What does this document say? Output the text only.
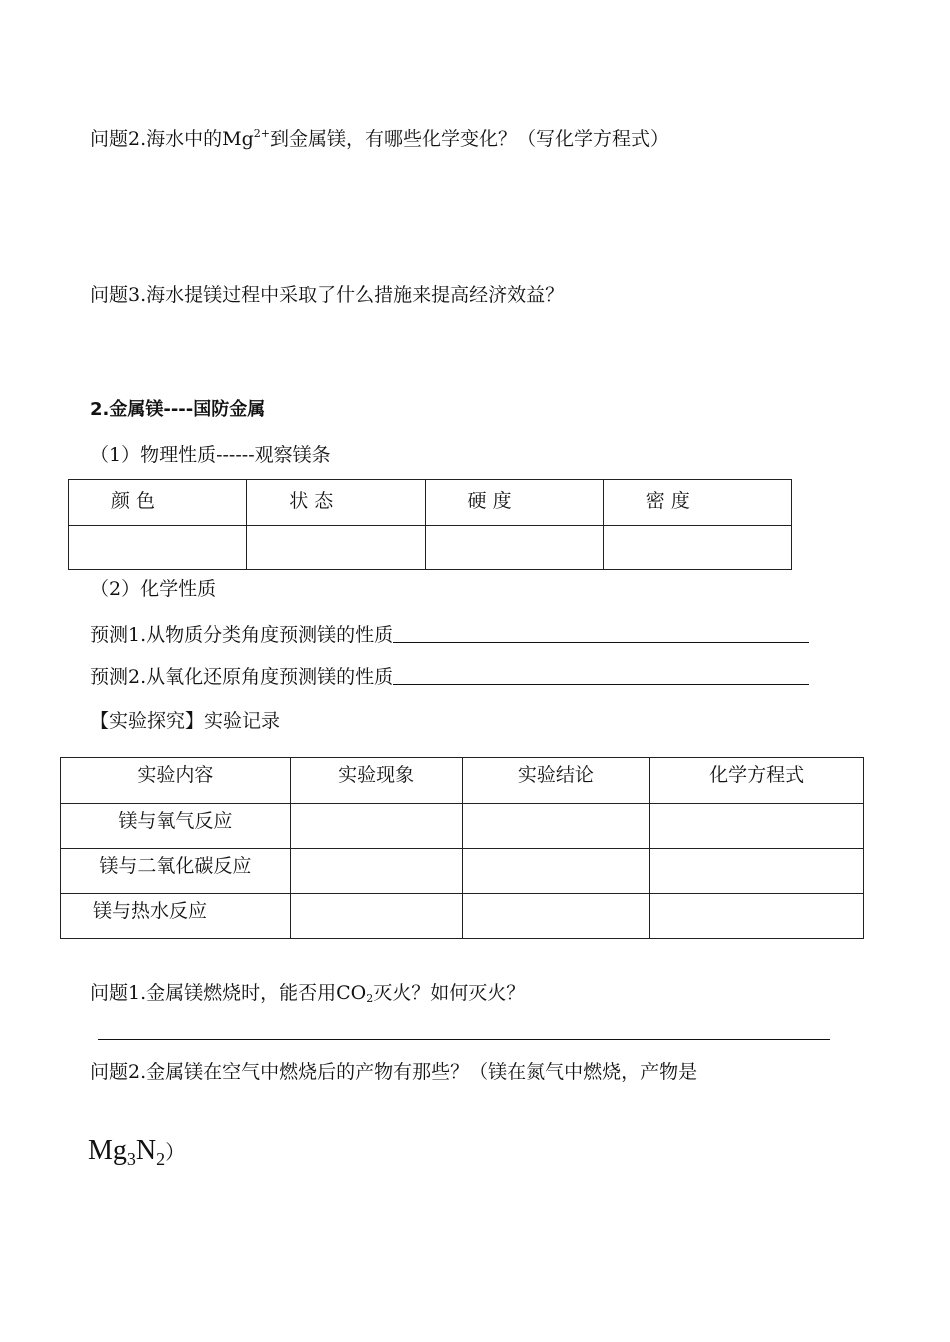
问题2.海水中的$Mg^{2+}$到金属镁，有哪些化学变化？（写化学方程式）
问题3.海水提镁过程中采取了什么措施来提高经济效益？
2.金属镁----国防金属
（1）物理性质------观察镁条
颜 色	状 态	硬 度	密 度

（2）化学性质
预测1.从物质分类角度预测镁的性质
预测2.从氧化还原角度预测镁的性质
【实验探究】实验记录
实验内容	实验现象	实验结论	化学方程式

镁与氧气反应			

镁与二氧化碳反应			

镁与热水反应			

问题1.金属镁燃烧时，能否用$CO_2$灭火？如何灭火？
问题2.金属镁在空气中燃烧后的产物有那些？（镁在氮气中燃烧，产物是
$Mg_3N_2$）
